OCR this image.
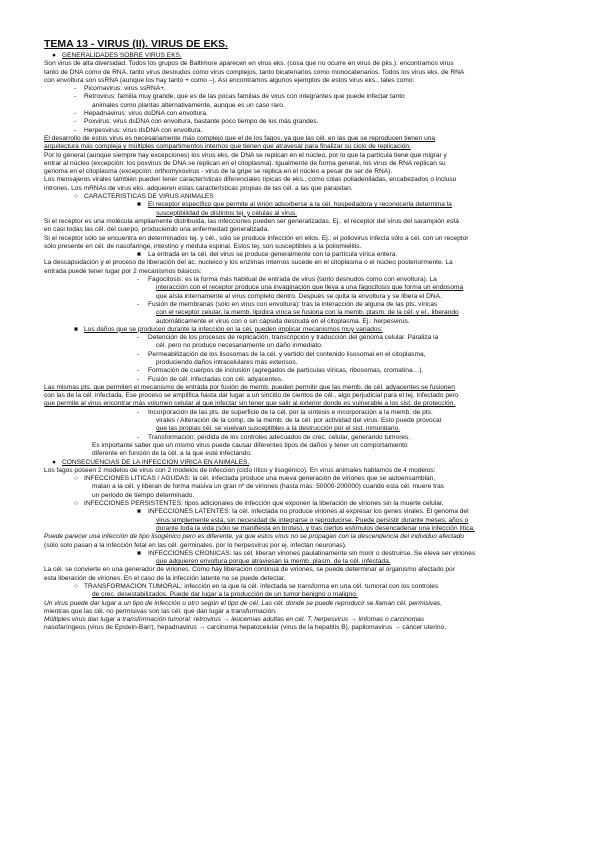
TEMA 13 - VIRUS (II). VIRUS DE EKS.
● GENERALIDADES SOBRE VIRUS EKS.
Son virus de alta diversidad. Todos los grupos de Baltimore aparecen en virus eks. (cosa que no ocurre en virus de pks.): encontramos virus
tanto de DNA como de RNA, tanto virus desnudos como virus complejos, tanto bicatenarios como monocatenarios. Todos los virus eks. de RNA
con envoltura son ssRNA (aunque los hay tanto + como –). Así encontramos algunos ejemplos de estos virus eks., tales como:
- Picornavirus: virus ssRNA+.
- Retrovirus: familia muy grande, que es de las pocas familias de virus con integrantes que puede infectar tanto
animales como plantas alternativamente, aunque es un caso raro.
- Hepadnavirus: virus dsDNA con envoltura.
- Poxvirus: virus dsDNA con envoltura, bastante poco tiempo de los más grandes.
- Herpesvirus: virus dsDNA con envoltura.
El desarrollo de estos virus es necesariamente más complejo que el de los fagos, ya que las cél. en las que se reproducen tienen una
arquitectura más compleja y múltiples compartimentos internos que tienen que atravesar para finalizar su ciclo de replicación.
Por lo general (aunque siempre hay excepciones) los virus eks. de DNA se replican en el núcleo, por lo que la partícula tiene que migrar y
entrar al núcleo (excepción: los poxvirus de DNA se replican en el citoplasma). Igualmente de forma general, los virus de RNA replican su
genoma en el citoplasma (excepción: orthomyxovirus - virus de la gripe se replica en el núcleo a pesar de ser de RNA).
Los mensajeros virales también pueden tener características diferenciales típicas de eks., como colas poliadeniladas, encabezados o incluso
intrones. Los mRNAs de virus eks. adquieren estas características propias de las cél. a las que parasitan.
○ CARACTERÍSTICAS DE VIRUS ANIMALES
■ El receptor específico que permite al virión adsorberse a la cél. hospedadora y reconocerla determina la
susceptibilidad de distintos tej. y células al virus.
Si el receptor es una molécula ampliamente distribuida, las infecciones pueden ser generalizadas. Ej.: el receptor del virus del sarampión está
en casi todas las cél. del cuerpo, produciendo una enfermedad generalizada.
Si el receptor sólo se encuentra en determinados tej. y cél., sólo se produce infección en ellos. Ej.: el poliovirus infecta sólo a cél. con un receptor
sólo presente en cél. de nasofaringe, intestino y médula espinal. Estos tej. son susceptibles a la poliomielitis.
■ La entrada en la cél. del virus se produce generalmente con la partícula vírica entera.
La descapsidación y el proceso de liberación del ác. nucleico y los enzimas internos sucede en el citoplasma o el núcleo posteriormente. La
entrada puede tener lugar por 2 mecanismos básicos:
- Fagocitosis: es la forma más habitual de entrada de virus (tanto desnudos como con envoltura). La
interacción con el receptor produce una invaginación que lleva a una fagocitosis que forma un endosoma
que aísla internamente al virus completo dentro. Después se quita la envoltura y se libera el DNA.
- Fusión de membranas (sólo en virus con envoltura): tras la interacción de alguna de las pts. víricas
con el receptor celular, la memb. lipídica vírica se fusiona con la memb. plasm. de la cél. y el., liberando
automáticamente el virus con o sin cápsida desnuda en el citoplasma. Ej.: herpesvirus.
■ Los daños que se producen durante la infección en la cél. pueden implicar mecanismos muy variados:
- Detención de los procesos de replicación, transcripción y traducción del genoma celular. Paraliza la
cél. pero no produce necesariamente un daño inmediato.
- Permeabilización de los lisosomas de la cél. y vertido del contenido lisosomal en el citoplasma,
produciendo daños intracelulares más extensos.
- Formación de cuerpos de inclusión (agregados de partículas víricas, ribosomas, cromatina…).
- Fusión de cél. infectadas con cél. adyacentes.
Las mismas pts. que permiten el mecanismo de entrada por fusión de memb. pueden permitir que las memb. de cél. adyacentes se fusionen
con las de la cél. infectada. Ese proceso se amplifica hasta dar lugar a un sincitio de cientos de cél., algo perjudicial para el tej. Infectado pero
que permite al virus encontrar más volumen celular al que infectar sin tener que salir al exterior donde es vulnerable a los sist. de protección.
- Incorporación de las pts. de superficie de la cél. por la síntesis e incorporación a la memb. de pts.
virales / Alteración de la comp. de la memb. de la cél. por actividad del virus. Esto puede provocar
que las propias cél. se vuelvan susceptibles a la destrucción por el sist. inmunitario.
- Transformación: pérdida de los controles adecuados de crec. celular, generando tumores.
Es importante saber que un mismo virus puede causar diferentes tipos de daños y tener un comportamiento
diferente en función de la cél. a la que esté infectando.
● CONSECUENCIAS DE LA INFECCIÓN VÍRICA EN ANIMALES.
Los fagos poseen 2 modelos de virus con 2 modelos de infección (ciclo lítico y lisogénico). En virus animales hablamos de 4 modelos:
○ INFECCIONES LÍTICAS / AGUDAS: la cél. infectada produce una nueva generación de viriones que se autoensamblan,
matan a la cél. y liberan de forma masiva un gran nº de viriones (hasta más: 50000-200000) cuando esta cél. muere tras
un periodo de tiempo determinado.
○ INFECCIONES PERSISTENTES: tipos adicionales de infección que exponen la liberación de viriones sin la muerte celular.
■ INFECCIONES LATENTES: la cél. infectada no produce viriones al expresar los genes virales. El genoma del
virus simplemente está, sin necesidad de integrarse o reproducirse. Puede persistir durante meses, años o
durante toda la vida (sólo se manifiesta en brotes), y tras ciertos estímulos desencadenar una infección lítica.
Puede parecer una infección de tipo lisogénico pero es diferente, ya que estos virus no se propagan con la descendencia del individuo afectado
(sólo solo pasan a la infección fetal en las cél. germinales, por lo herpesvirus por ej. infectan neuronas).
■ INFECCIONES CRÓNICAS: las cél. liberan viriones paulatinamente sin morir o destruirse. Se eleva ser viriones
que adquieren envoltura porque atraviesan la memb. plasm. de la cél. infectada.
La cél. se convierte en una generador de viriones. Como hay liberación continua de viriones, se puede determinar al organismo afectado por
esta liberación de viriones. En el caso de la infección latente no se puede detectar.
○ TRANSFORMACIÓN TUMORAL: infección en la que la cél. infectada se transforma en una cél. tumoral con los controles
de crec. desestabilizados. Puede dar lugar a la producción de un tumor benigno o maligno.
Un virus puede dar lugar a un tipo de infección u otro según el tipo de cél. Las cél. donde se puede reproducir se llaman cél. permisivas,
mientras que las cél. no permisivas son las cél. que dan lugar a transformación.
Múltiples virus dan lugar a transformación tumoral: retrovirus → leucemias adultas en cél. T, herpesvirus → linfomas o carcinomas
nasofaríngeos (virus de Epstein-Barr), hepadnavirus → carcinoma hepatocelular (virus de la hepatitis B), papilomavirus → cáncer uterino.
